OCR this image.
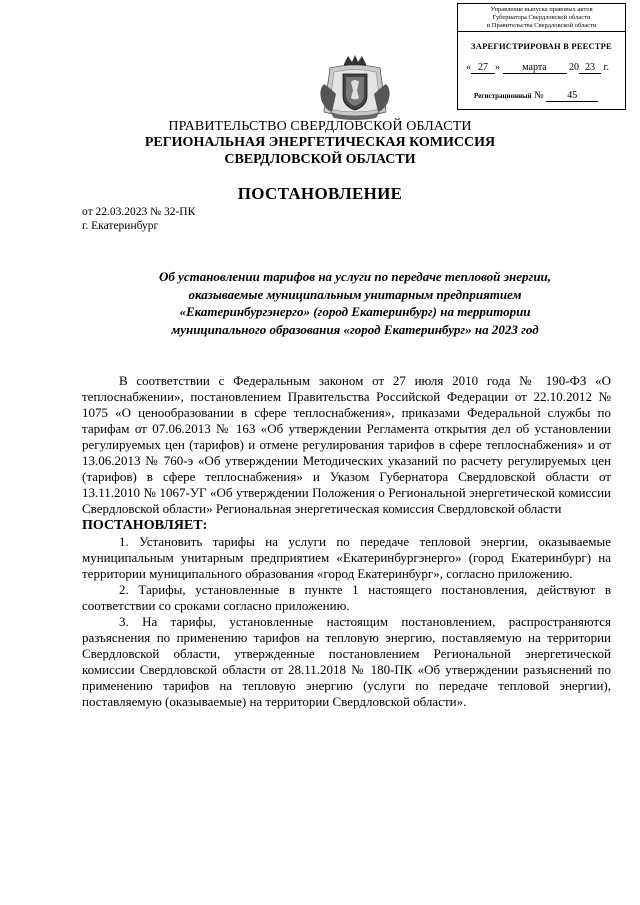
Управление выпуска правовых актов
Губернатора Свердловской области
и Правительства Свердловской области
ЗАРЕГИСТРИРОВАН В РЕЕСТРЕ
« 27 » марта 20 23 г.
Регистрационный № 45
ПРАВИТЕЛЬСТВО СВЕРДЛОВСКОЙ ОБЛАСТИ
РЕГИОНАЛЬНАЯ ЭНЕРГЕТИЧЕСКАЯ КОМИССИЯ
СВЕРДЛОВСКОЙ ОБЛАСТИ
ПОСТАНОВЛЕНИЕ
от 22.03.2023 № 32-ПК
г. Екатеринбург
Об установлении тарифов на услуги по передаче тепловой энергии,
оказываемые муниципальным унитарным предприятием
«Екатеринбургэнерго» (город Екатеринбург) на территории
муниципального образования «город Екатеринбург» на 2023 год

В соответствии с Федеральным законом от 27 июля 2010 года № 190-ФЗ «О теплоснабжении», постановлением Правительства Российской Федерации от 22.10.2012 № 1075 «О ценообразовании в сфере теплоснабжения», приказами Федеральной службы по тарифам от 07.06.2013 № 163 «Об утверждении Регламента открытия дел об установлении регулируемых цен (тарифов) и отмене регулирования тарифов в сфере теплоснабжения» и от 13.06.2013 № 760-э «Об утверждении Методических указаний по расчету регулируемых цен (тарифов) в сфере теплоснабжения» и Указом Губернатора Свердловской области от 13.11.2010 № 1067-УГ «Об утверждении Положения о Региональной энергетической комиссии Свердловской области» Региональная энергетическая комиссия Свердловской области

ПОСТАНОВЛЯЕТ:

1. Установить тарифы на услуги по передаче тепловой энергии, оказываемые муниципальным унитарным предприятием «Екатеринбургэнерго» (город Екатеринбург) на территории муниципального образования «город Екатеринбург», согласно приложению.

2. Тарифы, установленные в пункте 1 настоящего постановления, действуют в соответствии со сроками согласно приложению.

3. На тарифы, установленные настоящим постановлением, распространяются разъяснения по применению тарифов на тепловую энергию, поставляемую на территории Свердловской области, утвержденные постановлением Региональной энергетической комиссии Свердловской области от 28.11.2018 № 180-ПК «Об утверждении разъяснений по применению тарифов на тепловую энергию (услуги по передаче тепловой энергии), поставляемую (оказываемые) на территории Свердловской области».
